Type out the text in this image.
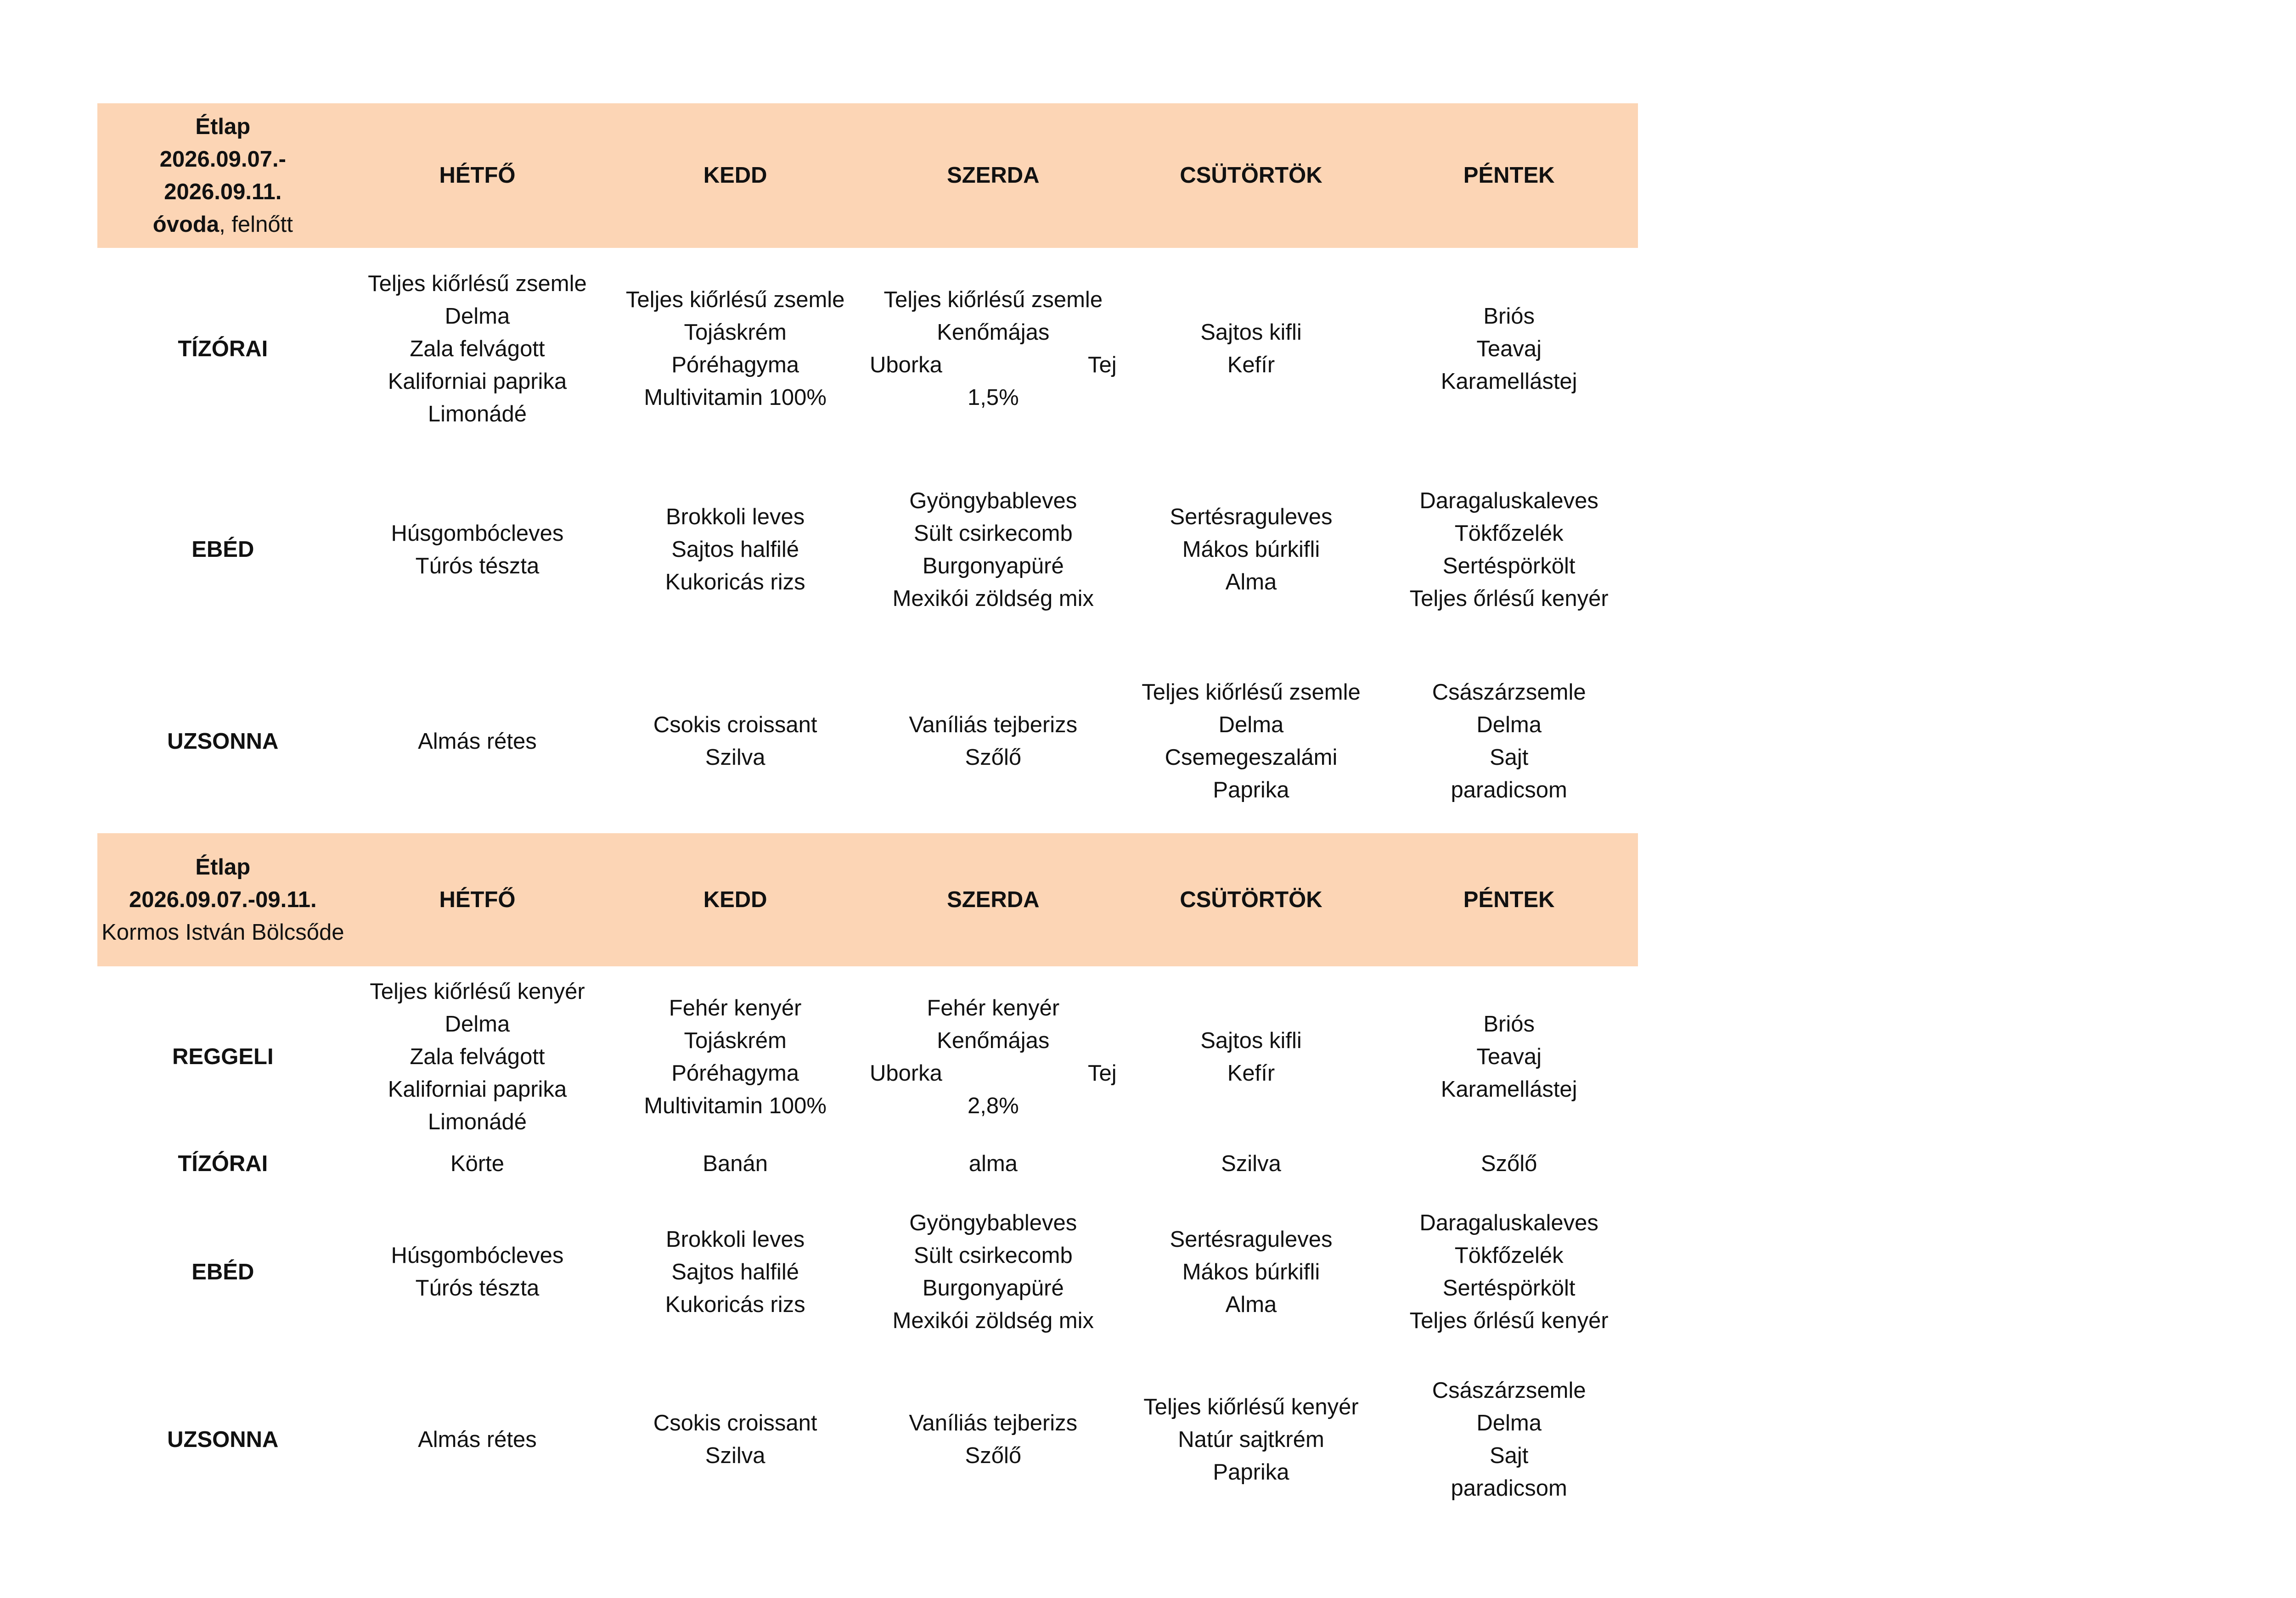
Étlap
2026.09.07.-
2026.09.11.
óvoda, felnőtt	HÉTFŐ	KEDD	SZERDA	CSÜTÖRTÖK	PÉNTEK
TÍZÓRAI	Teljes kiőrlésű zsemle
Delma
Zala felvágott
Kaliforniai paprika
Limonádé	Teljes kiőrlésű zsemle
Tojáskrém
Póréhagyma
Multivitamin 100%	Teljes kiőrlésű zsemle
Kenőmájas
Uborka Tej
1,5%	Sajtos kifli
Kefír	Briós
Teavaj
Karamellástej

EBÉD	Húsgombócleves
Túrós tészta	Brokkoli leves
Sajtos halfilé
Kukoricás rizs	Gyöngybableves
Sült csirkecomb
Burgonyapüré
Mexikói zöldség mix	Sertésraguleves
Mákos búrkifli
Alma	Daragaluskaleves
Tökfőzelék
Sertéspörkölt
Teljes őrlésű kenyér

UZSONNA	Almás rétes	Csokis croissant
Szilva	Vaníliás tejberizs
Szőlő	Teljes kiőrlésű zsemle
Delma
Csemegeszalámi
Paprika	Császárzsemle
Delma
Sajt
paradicsom

Étlap
2026.09.07.-09.11.
Kormos István Bölcsőde	HÉTFŐ	KEDD	SZERDA	CSÜTÖRTÖK	PÉNTEK
REGGELI	Teljes kiőrlésű kenyér
Delma
Zala felvágott
Kaliforniai paprika
Limonádé	Fehér kenyér
Tojáskrém
Póréhagyma
Multivitamin 100%	Fehér kenyér
Kenőmájas
Uborka Tej
2,8%	Sajtos kifli
Kefír	Briós
Teavaj
Karamellástej

TÍZÓRAI	Körte	Banán	alma	Szilva	Szőlő

EBÉD	Húsgombócleves
Túrós tészta	Brokkoli leves
Sajtos halfilé
Kukoricás rizs	Gyöngybableves
Sült csirkecomb
Burgonyapüré
Mexikói zöldség mix	Sertésraguleves
Mákos búrkifli
Alma	Daragaluskaleves
Tökfőzelék
Sertéspörkölt
Teljes őrlésű kenyér

UZSONNA	Almás rétes	Csokis croissant
Szilva	Vaníliás tejberizs
Szőlő	Teljes kiőrlésű kenyér
Natúr sajtkrém
Paprika	Császárzsemle
Delma
Sajt
paradicsom
